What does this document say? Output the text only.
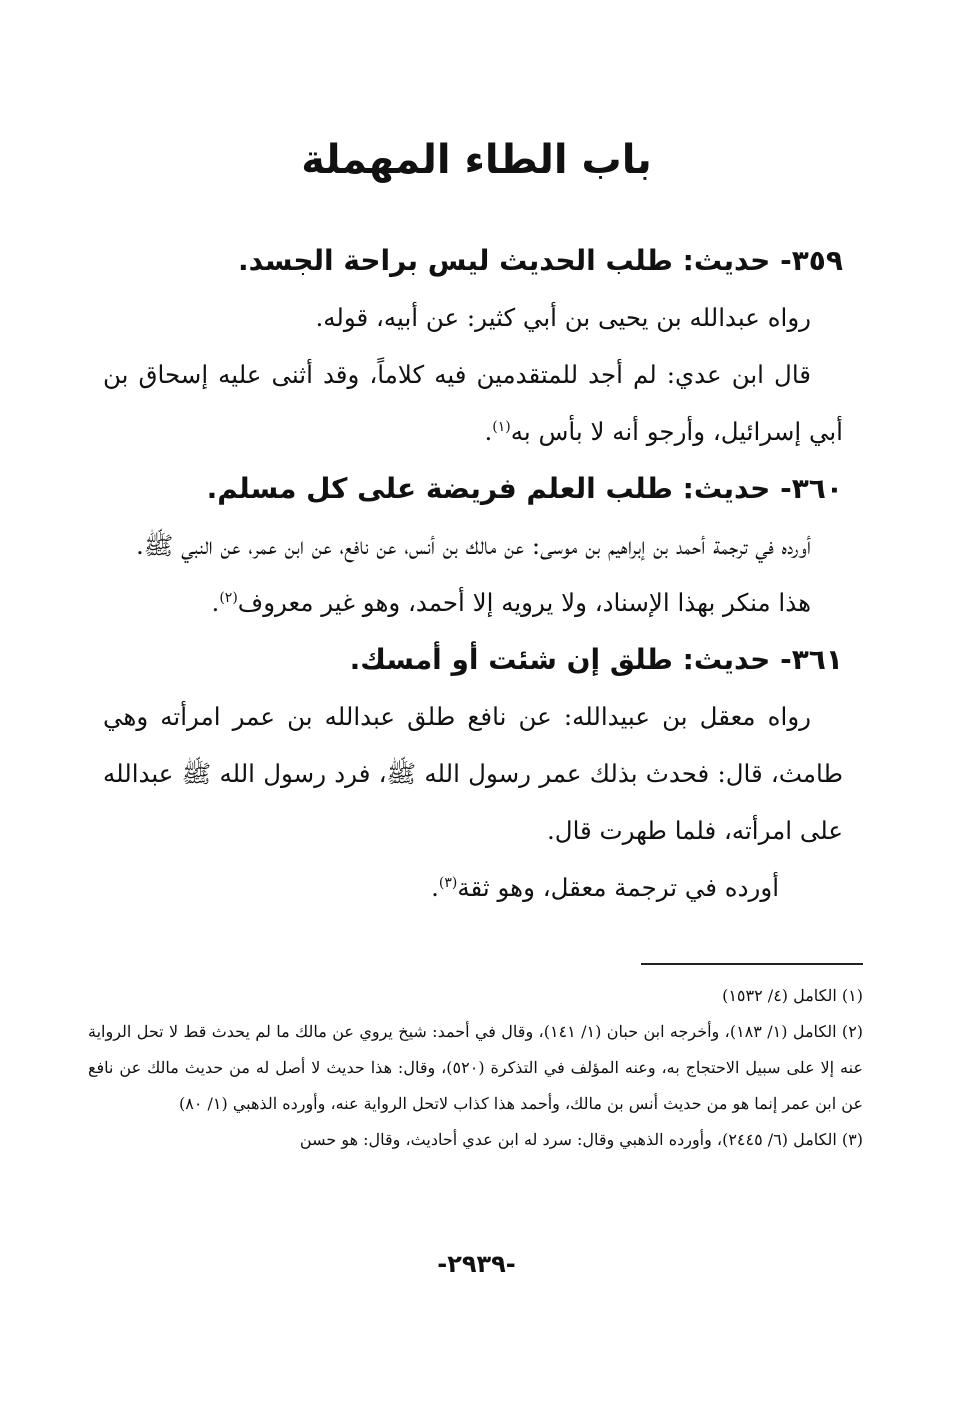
باب الطاء المهملة
٣٥٩- حديث: طلب الحديث ليس براحة الجسد.

رواه عبدالله بن يحيى بن أبي كثير: عن أبيه، قوله.

قال ابن عدي: لم أجد للمتقدمين فيه كلاماً، وقد أثنى عليه إسحاق بن أبي إسرائيل، وأرجو أنه لا بأس به$^{(١)}$.

٣٦٠- حديث: طلب العلم فريضة على كل مسلم.

أورده في ترجمة أحمد بن إبراهيم بن موسى: عن مالك بن أنس، عن نافع، عن ابن عمر، عن النبي ﷺ.

هذا منكر بهذا الإسناد، ولا يرويه إلا أحمد، وهو غير معروف$^{(٢)}$.

٣٦١- حديث: طلق إن شئت أو أمسك.

رواه معقل بن عبيدالله: عن نافع طلق عبدالله بن عمر امرأته وهي طامث، قال: فحدث بذلك عمر رسول الله ﷺ، فرد رسول الله ﷺ عبدالله على امرأته، فلما طهرت قال.

أورده في ترجمة معقل، وهو ثقة$^{(٣)}$.

(١) الكامل (٤/ ١٥٣٢)

(٢) الكامل (١/ ١٨٣)، وأخرجه ابن حبان (١/ ١٤١)، وقال في أحمد: شيخ يروي عن مالك ما لم يحدث قط لا تحل الرواية عنه إلا على سبيل الاحتجاج به، وعنه المؤلف في التذكرة (٥٢٠)، وقال: هذا حديث لا أصل له من حديث مالك عن نافع عن ابن عمر إنما هو من حديث أنس بن مالك، وأحمد هذا كذاب لاتحل الرواية عنه، وأورده الذهبي (١/ ٨٠)

(٣) الكامل (٦/ ٢٤٤٥)، وأورده الذهبي وقال: سرد له ابن عدي أحاديث، وقال: هو حسن

-٢٩٣٩-
